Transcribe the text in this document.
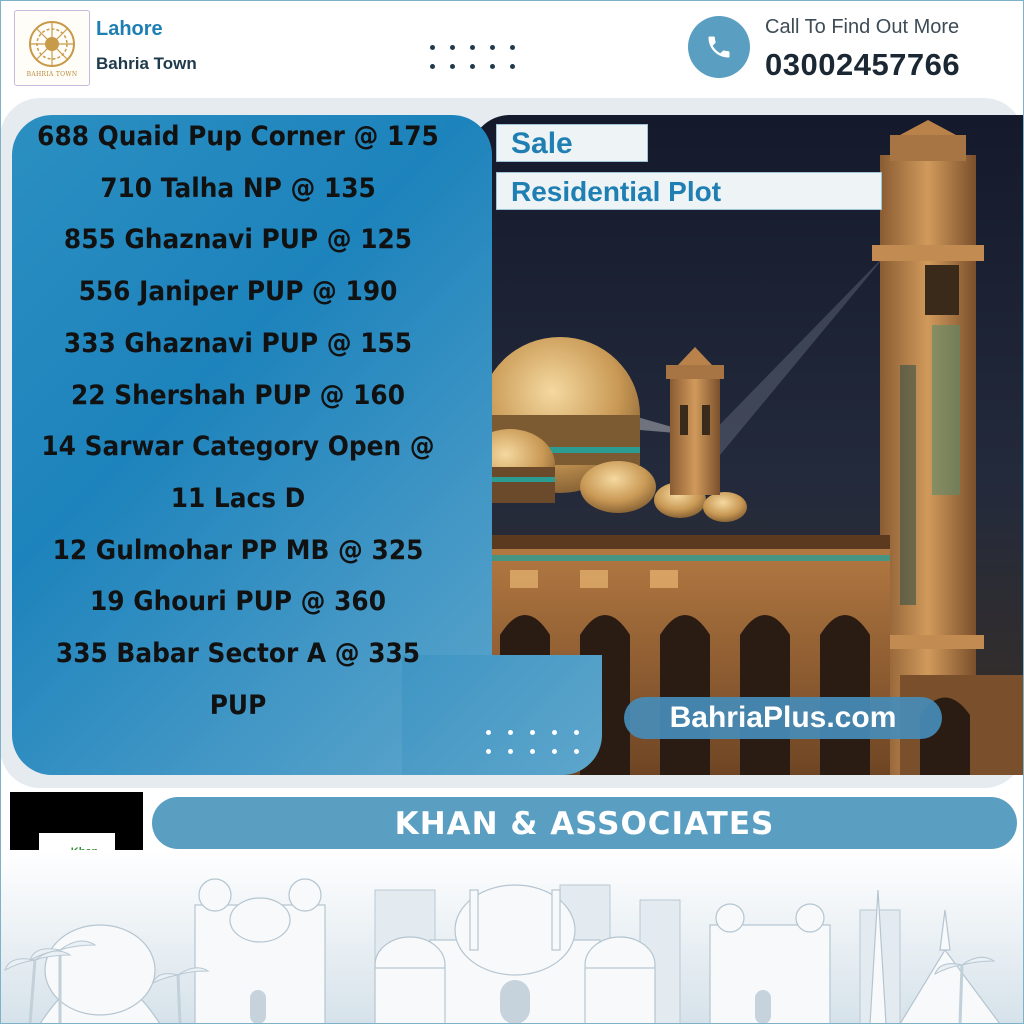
BAHRIA TOWN
Lahore
Bahria Town
Call To Find Out More
03002457766
688 Quaid Pup Corner @ 175
710 Talha NP @ 135
855 Ghaznavi PUP @ 125
556 Janiper PUP @ 190
333 Ghaznavi PUP @ 155
22 Shershah PUP @ 160
14 Sarwar Category Open @ 11 Lacs D
12 Gulmohar PP MB @ 325
19 Ghouri PUP @ 360
335 Babar Sector A @ 335 PUP
Sale
Residential Plot
BahriaPlus.com
KHAN & ASSOCIATES
